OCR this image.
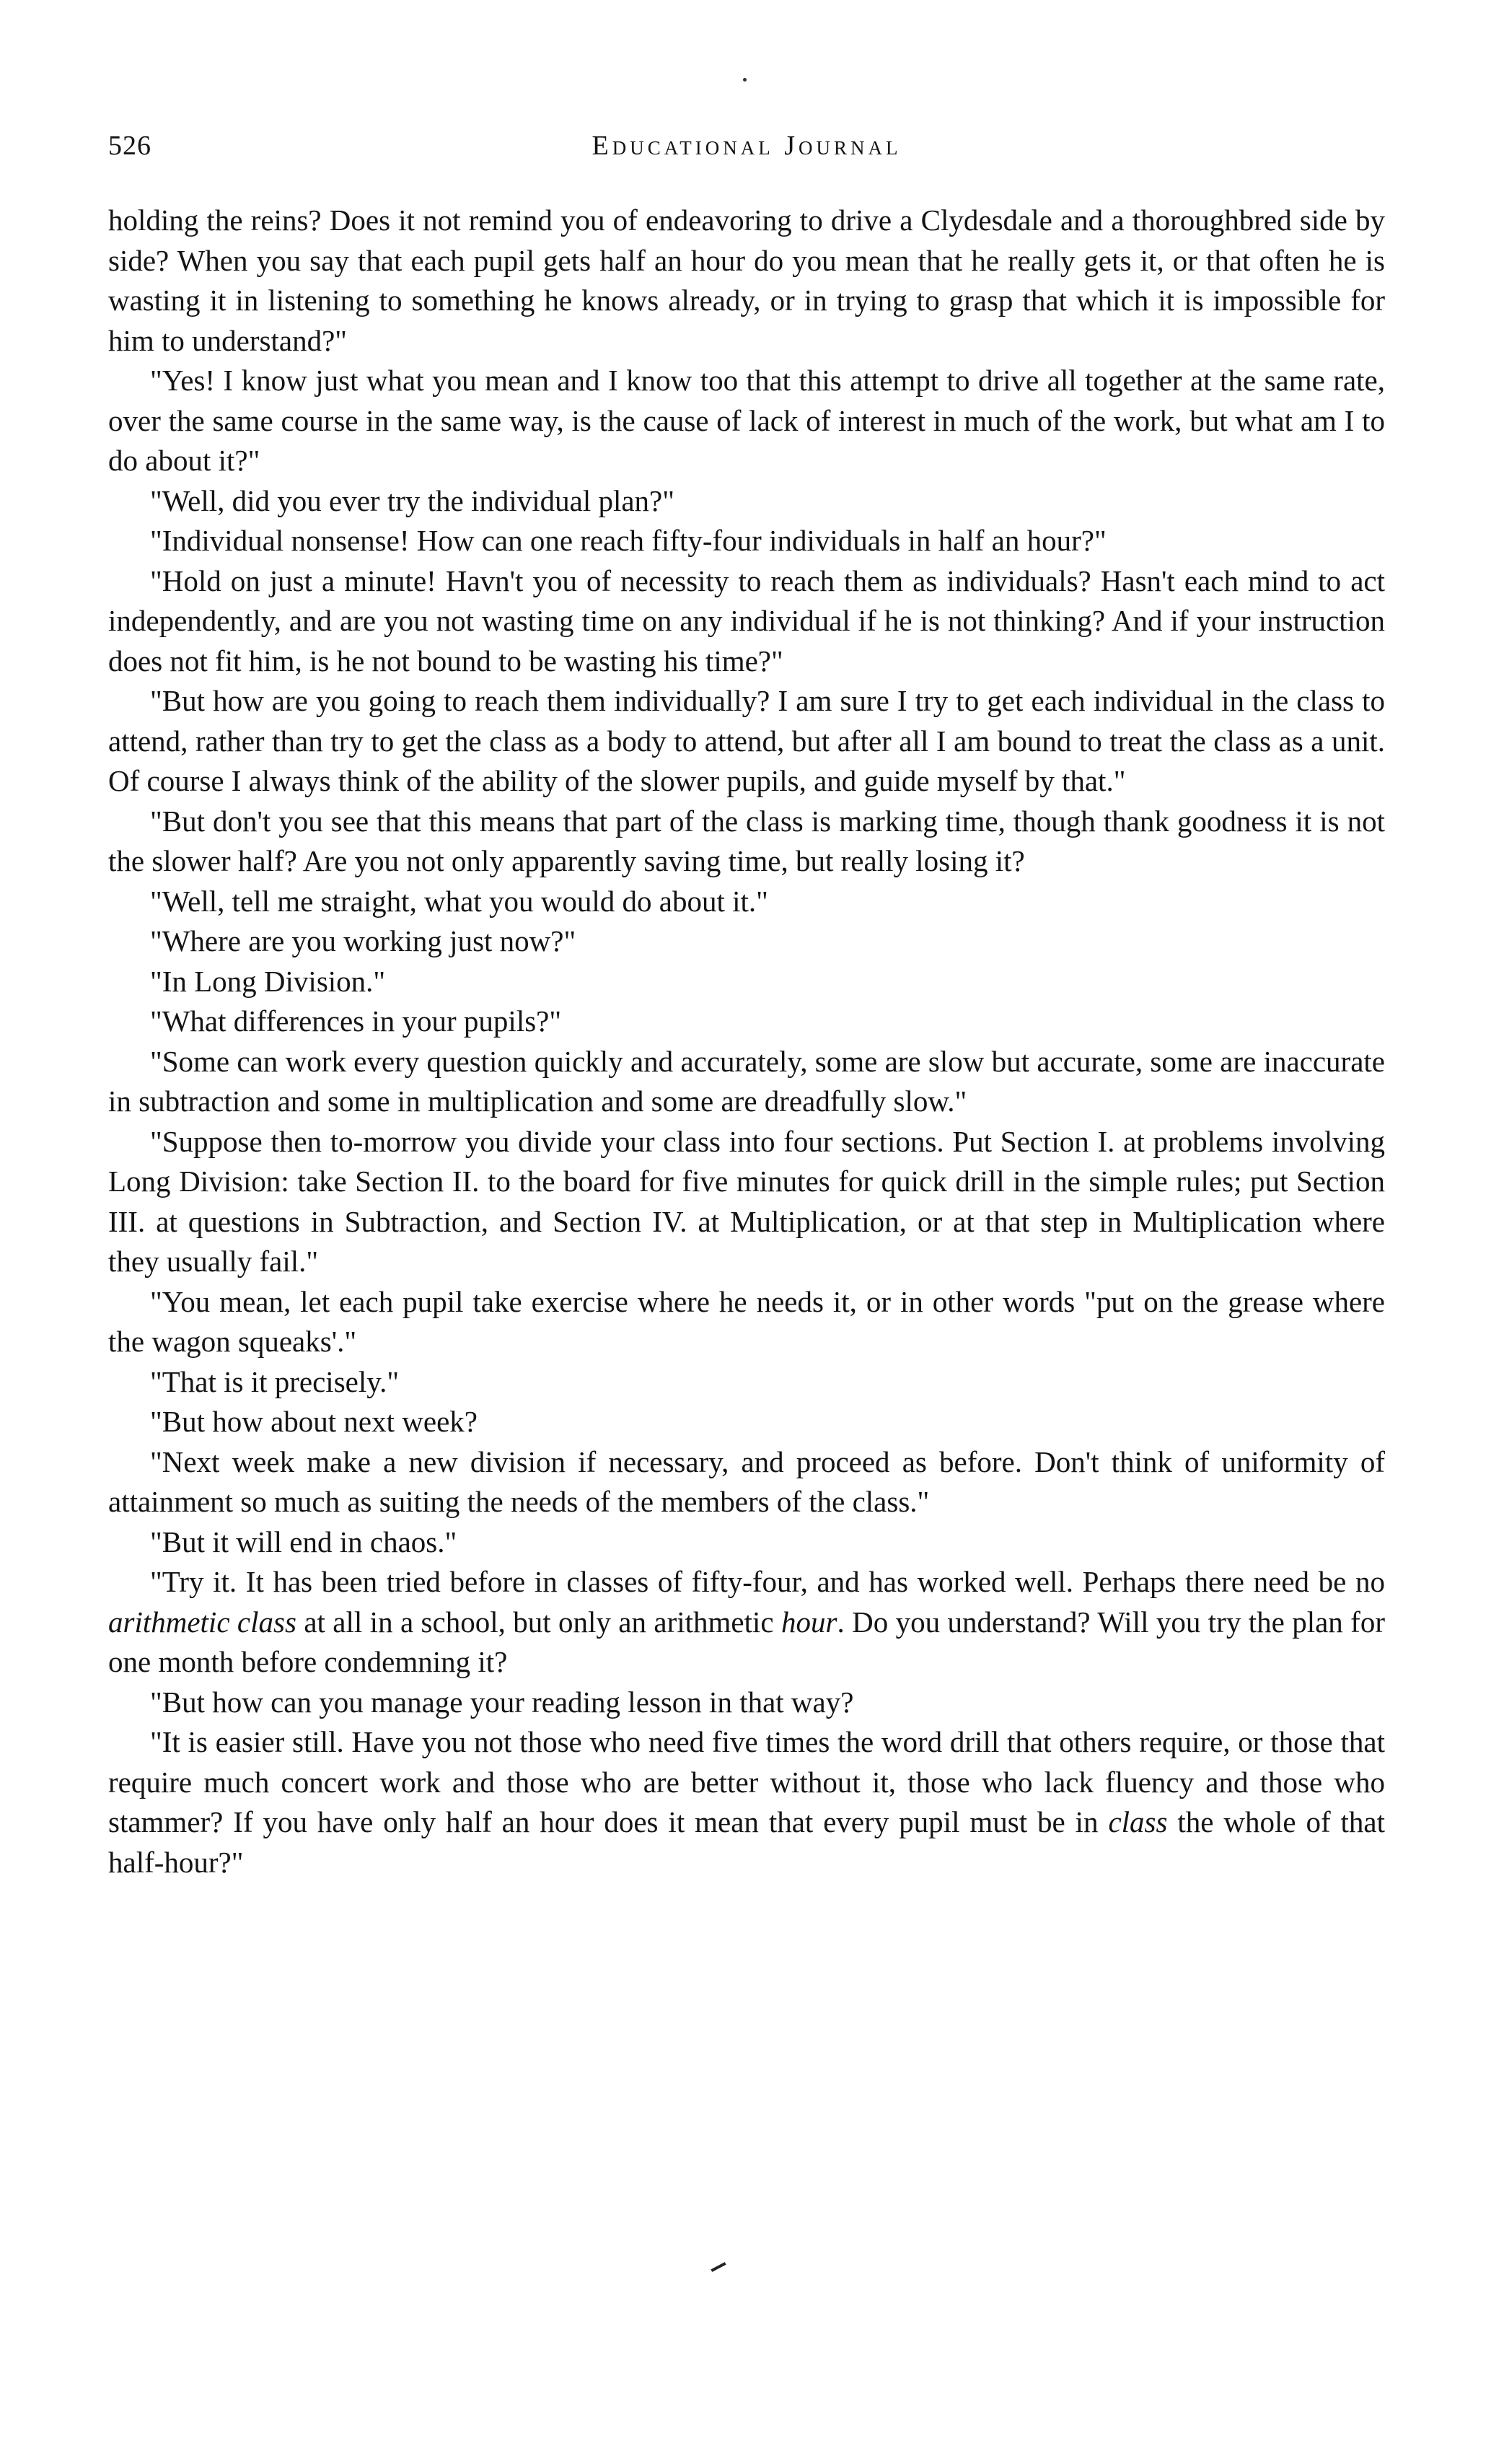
526	Educational Journal

holding the reins? Does it not remind you of endeavoring to drive a Clydesdale and a thoroughbred side by side? When you say that each pupil gets half an hour do you mean that he really gets it, or that often he is wasting it in listening to something he knows already, or in trying to grasp that which it is impossible for him to understand?"

"Yes! I know just what you mean and I know too that this attempt to drive all together at the same rate, over the same course in the same way, is the cause of lack of interest in much of the work, but what am I to do about it?"

"Well, did you ever try the individual plan?"

"Individual nonsense! How can one reach fifty-four individuals in half an hour?"

"Hold on just a minute! Havn't you of necessity to reach them as individuals? Hasn't each mind to act independently, and are you not wasting time on any individual if he is not thinking? And if your instruction does not fit him, is he not bound to be wasting his time?"

"But how are you going to reach them individually? I am sure I try to get each individual in the class to attend, rather than try to get the class as a body to attend, but after all I am bound to treat the class as a unit. Of course I always think of the ability of the slower pupils, and guide myself by that."

"But don't you see that this means that part of the class is marking time, though thank goodness it is not the slower half? Are you not only apparently saving time, but really losing it?

"Well, tell me straight, what you would do about it."

"Where are you working just now?"

"In Long Division."

"What differences in your pupils?"

"Some can work every question quickly and accurately, some are slow but accurate, some are inaccurate in subtraction and some in multiplication and some are dreadfully slow."

"Suppose then to-morrow you divide your class into four sections. Put Section I. at problems involving Long Division: take Section II. to the board for five minutes for quick drill in the simple rules; put Section III. at questions in Subtraction, and Section IV. at Multiplication, or at that step in Multiplication where they usually fail."

"You mean, let each pupil take exercise where he needs it, or in other words "put on the grease where the wagon squeaks'."

"That is it precisely."

"But how about next week?

"Next week make a new division if necessary, and proceed as before. Don't think of uniformity of attainment so much as suiting the needs of the members of the class."

"But it will end in chaos."

"Try it. It has been tried before in classes of fifty-four, and has worked well. Perhaps there need be no arithmetic class at all in a school, but only an arithmetic hour. Do you understand? Will you try the plan for one month before condemning it?

"But how can you manage your reading lesson in that way?

"It is easier still. Have you not those who need five times the word drill that others require, or those that require much concert work and those who are better without it, those who lack fluency and those who stammer? If you have only half an hour does it mean that every pupil must be in class the whole of that half-hour?"
